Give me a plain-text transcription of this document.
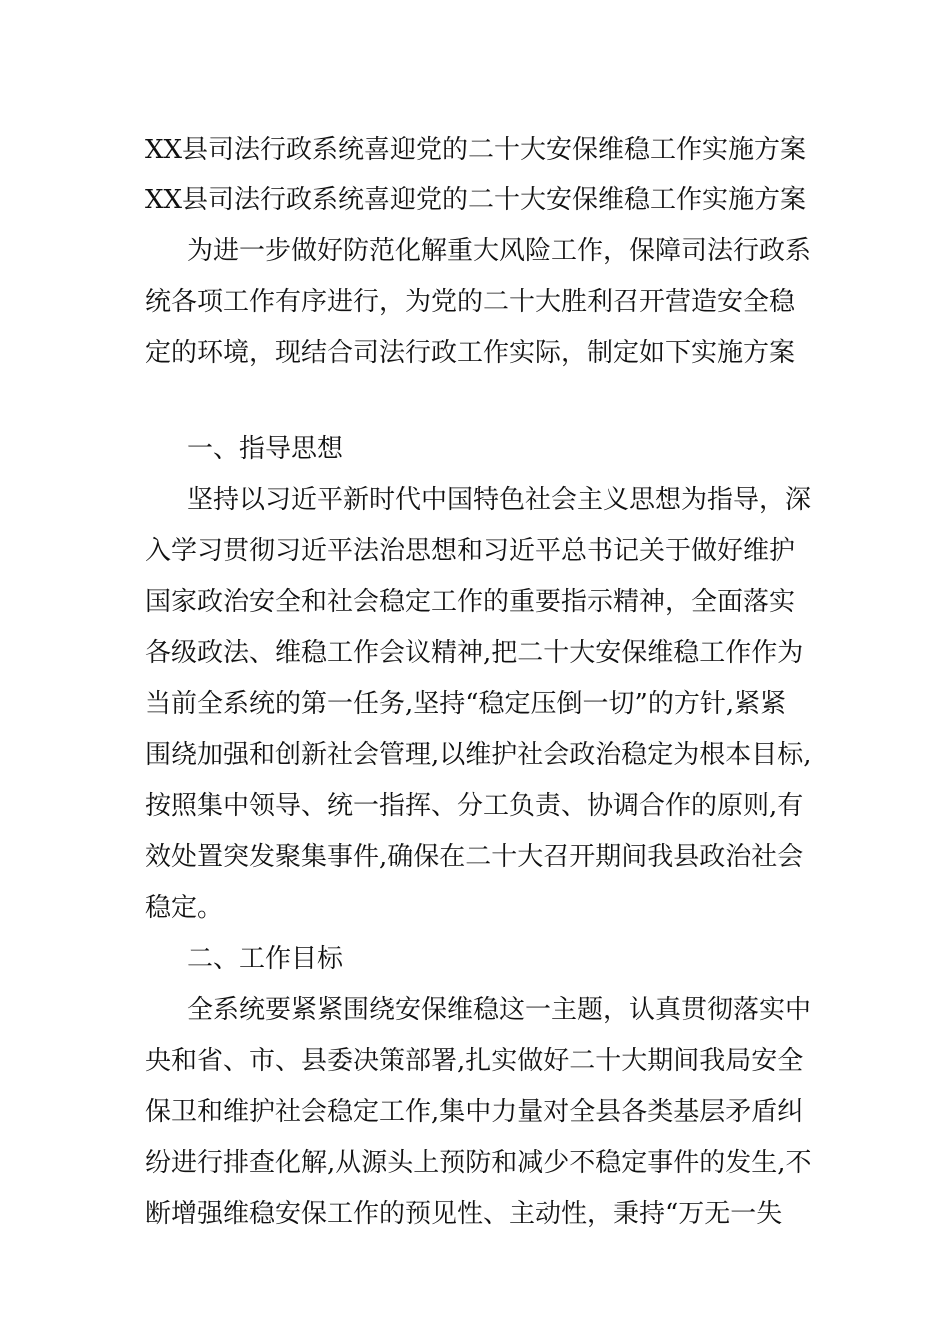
XX县司法行政系统喜迎党的二十大安保维稳工作实施方案
XX县司法行政系统喜迎党的二十大安保维稳工作实施方案
为进一步做好防范化解重大风险工作，保障司法行政系
统各项工作有序进行，为党的二十大胜利召开营造安全稳
定的环境，现结合司法行政工作实际，制定如下实施方案
一、指导思想
坚持以习近平新时代中国特色社会主义思想为指导，深
入学习贯彻习近平法治思想和习近平总书记关于做好维护
国家政治安全和社会稳定工作的重要指示精神，全面落实
各级政法、维稳工作会议精神,把二十大安保维稳工作作为
当前全系统的第一任务,坚持“稳定压倒一切”的方针,紧紧
围绕加强和创新社会管理,以维护社会政治稳定为根本目标,
按照集中领导、统一指挥、分工负责、协调合作的原则,有
效处置突发聚集事件,确保在二十大召开期间我县政治社会
稳定。
二、工作目标
全系统要紧紧围绕安保维稳这一主题，认真贯彻落实中
央和省、市、县委决策部署,扎实做好二十大期间我局安全
保卫和维护社会稳定工作,集中力量对全县各类基层矛盾纠
纷进行排查化解,从源头上预防和减少不稳定事件的发生,不
断增强维稳安保工作的预见性、主动性，秉持“万无一失
